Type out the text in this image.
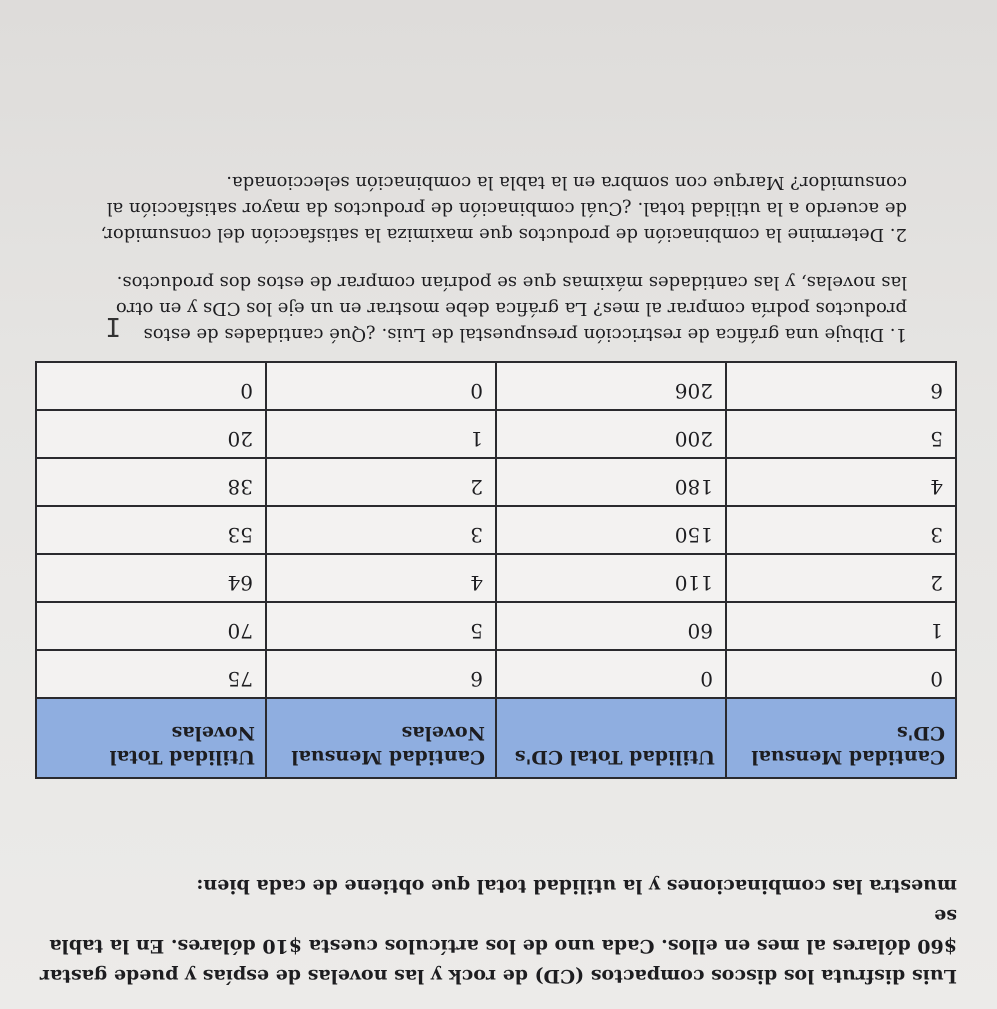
Luis disfruta los discos compactos (CD) de rock y las novelas de espías y puede gastar

$60 dólares al mes en ellos. Cada uno de los artículos cuesta $10 dólares. En la tabla se

muestra las combinaciones y la utilidad total que obtiene de cada bien:

Cantidad Mensual CD's	Utilidad Total CD's	Cantidad Mensual Novelas	Utilidad Total Novelas
0	0	6	75
1	60	5	70
2	110	4	64
3	150	3	53
4	180	2	38
5	200	1	20
6	206	0	0

1. Dibuje una gráfica de restricción presupuestal de Luis. ¿Qué cantidades de estos productos podría comprar al mes? La gráfica debe mostrar en un eje los CDs y en otro las novelas, y las cantidades máximas que se podrían comprar de estos dos productos.

2. Determine la combinación de productos que maximiza la satisfacción del consumidor, de acuerdo a la utilidad total. ¿Cuál combinación de productos da mayor satisfacción al consumidor? Marque con sombra en la tabla la combinación seleccionada.

I
